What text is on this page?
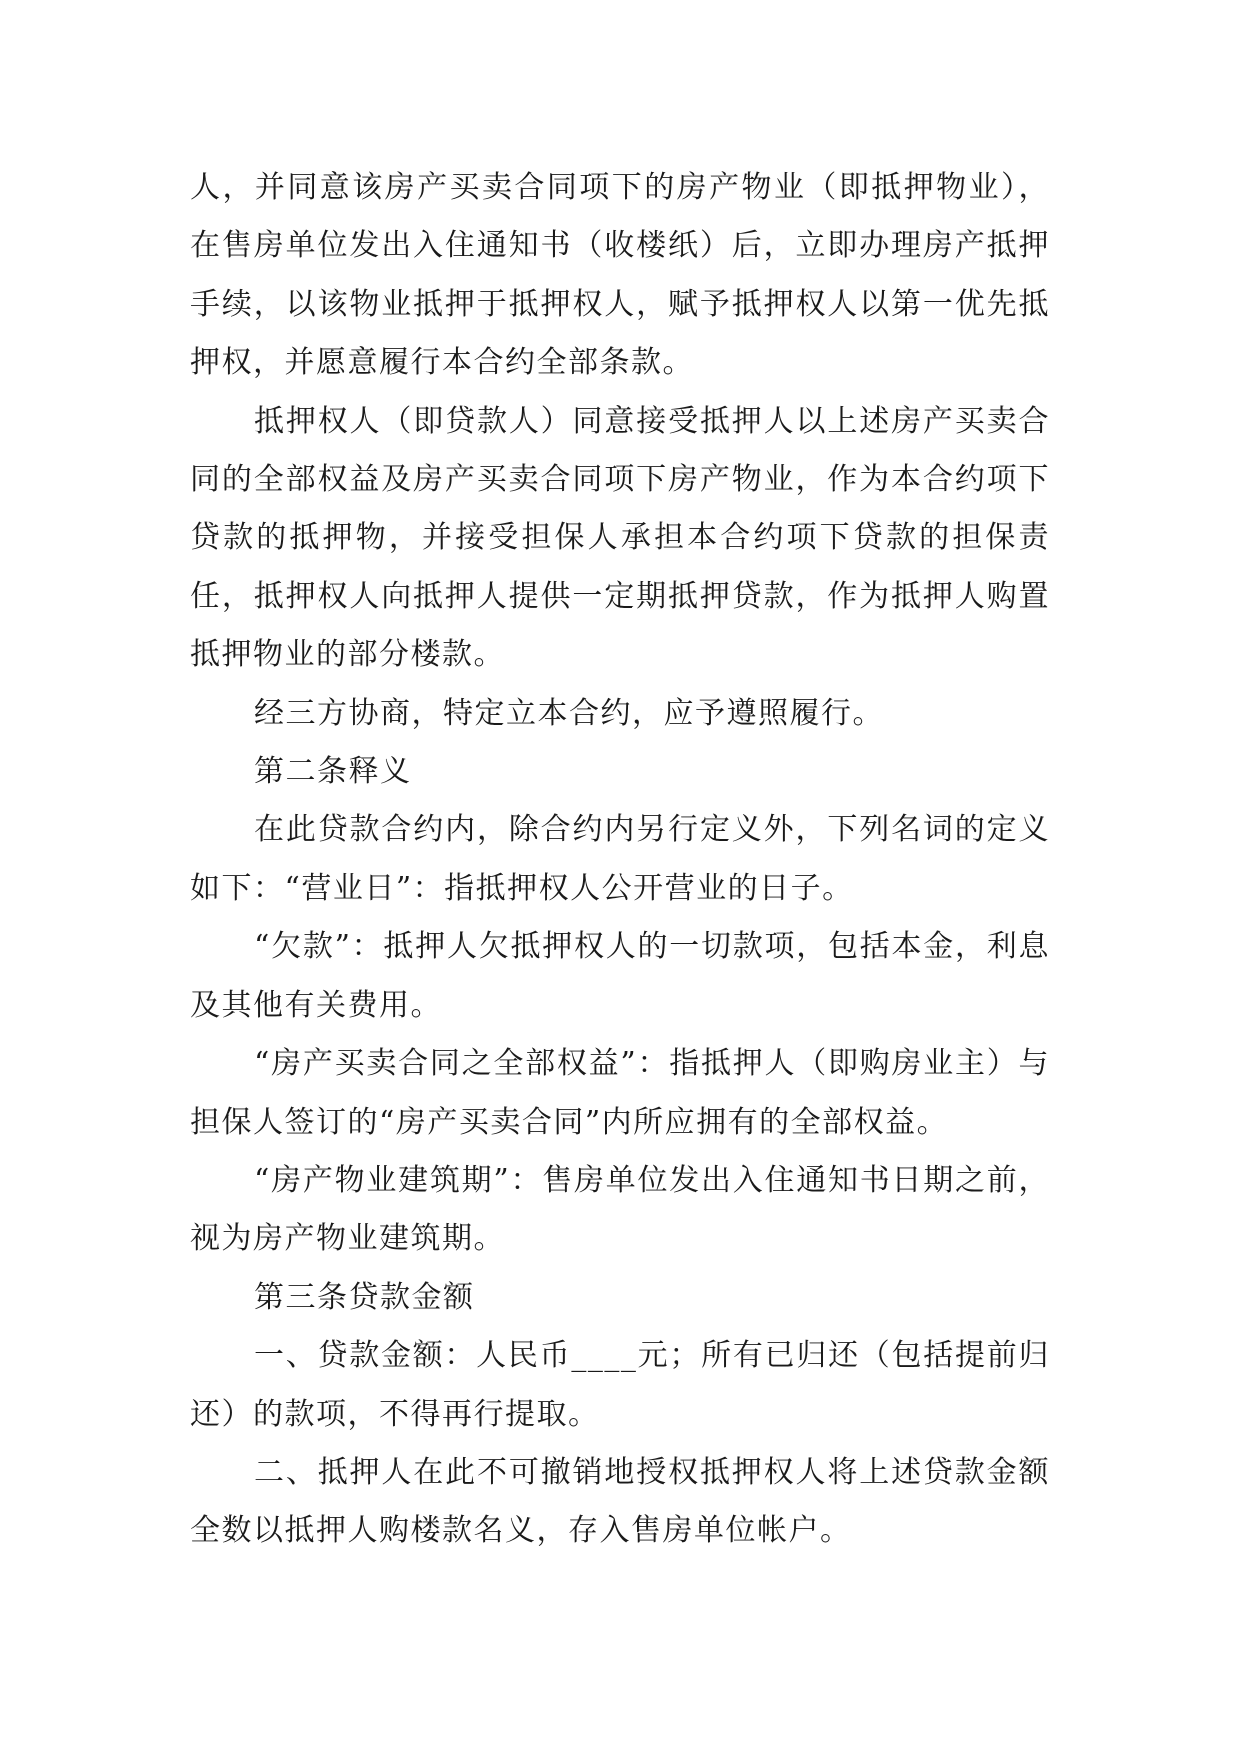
人，并同意该房产买卖合同项下的房产物业（即抵押物业），在售房单位发出入住通知书（收楼纸）后，立即办理房产抵押手续，以该物业抵押于抵押权人，赋予抵押权人以第一优先抵押权，并愿意履行本合约全部条款。

抵押权人（即贷款人）同意接受抵押人以上述房产买卖合同的全部权益及房产买卖合同项下房产物业，作为本合约项下贷款的抵押物，并接受担保人承担本合约项下贷款的担保责任，抵押权人向抵押人提供一定期抵押贷款，作为抵押人购置抵押物业的部分楼款。

经三方协商，特定立本合约，应予遵照履行。

第二条释义

在此贷款合约内，除合约内另行定义外，下列名词的定义如下：“营业日”：指抵押权人公开营业的日子。

“欠款”：抵押人欠抵押权人的一切款项，包括本金，利息及其他有关费用。

“房产买卖合同之全部权益”：指抵押人（即购房业主）与担保人签订的“房产买卖合同”内所应拥有的全部权益。

“房产物业建筑期”：售房单位发出入住通知书日期之前，视为房产物业建筑期。

第三条贷款金额

一、贷款金额：人民币____元；所有已归还（包括提前归还）的款项，不得再行提取。

二、抵押人在此不可撤销地授权抵押权人将上述贷款金额全数以抵押人购楼款名义，存入售房单位帐户。
